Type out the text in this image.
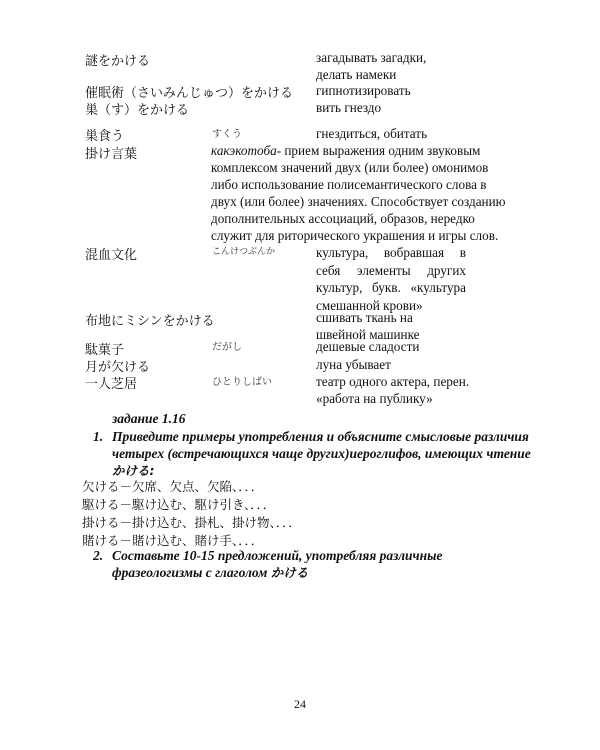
謎をかける	загадывать загадки, делать намеки
催眠術（さいみんじゅつ）をかける гипнотизировать
巣（す）をかける	вить гнездо
巣食う	すくう	гнездиться, обитать
掛け言葉	какэкотоба- прием выражения одним звуковым комплексом значений двух (или более) омонимов либо использование полисемантического слова в двух (или более) значениях. Способствует созданию дополнительных ассоциаций, образов, нередко служит для риторического украшения и игры слов.
混血文化	こんけつぶんか	культура, вобравшая в себя элементы других культур, букв. «культура смешанной крови»
布地にミシンをかける	сшивать ткань на швейной машинке
駄菓子	だがし	дешевые сладости
月が欠ける	луна убывает
一人芝居	ひとりしばい	театр одного актера, перен. «работа на публику»
задание 1.16
1. Приведите примеры употребления и объясните смысловые различия четырех (встречающихся чаще других)иероглифов, имеющих чтение
かける:
欠ける－欠席、欠点、欠陥、．．．
駆ける－駆け込む、駆け引き、．．．
掛ける－掛け込む、掛札、掛け物、．．．
賭ける－賭け込む、賭け手、．．．
2. Составьте 10-15 предложений, употребляя различные фразеологизмы с глаголом かける
24
